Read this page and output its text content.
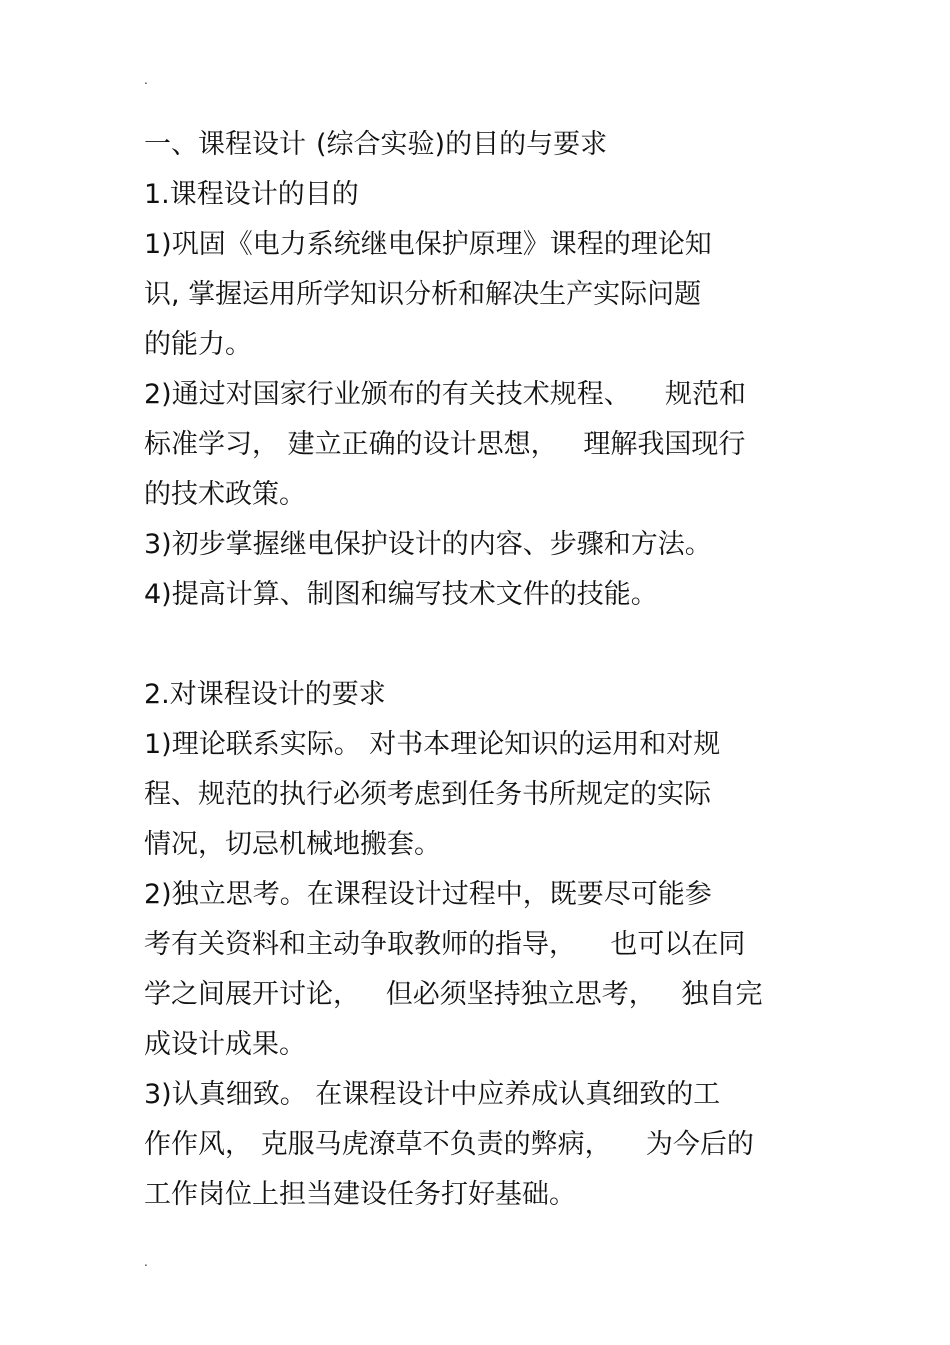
.
一、课程设计 (综合实验)的目的与要求
1.课程设计的目的

1)巩固《电力系统继电保护原理》课程的理论知
识, 掌握运用所学知识分析和解决生产实际问题
的能力。

2)通过对国家行业颁布的有关技术规程、    规范和
标准学习， 建立正确的设计思想，   理解我国现行
的技术政策。

3)初步掌握继电保护设计的内容、步骤和方法。

4)提高计算、制图和编写技术文件的技能。

2.对课程设计的要求

1)理论联系实际。 对书本理论知识的运用和对规
程、规范的执行必须考虑到任务书所规定的实际
情况，切忌机械地搬套。

2)独立思考。在课程设计过程中，既要尽可能参
考有关资料和主动争取教师的指导，    也可以在同
学之间展开讨论，   但必须坚持独立思考，   独自完
成设计成果。

3)认真细致。 在课程设计中应养成认真细致的工
作作风， 克服马虎潦草不负责的弊病，    为今后的
工作岗位上担当建设任务打好基础。

.
